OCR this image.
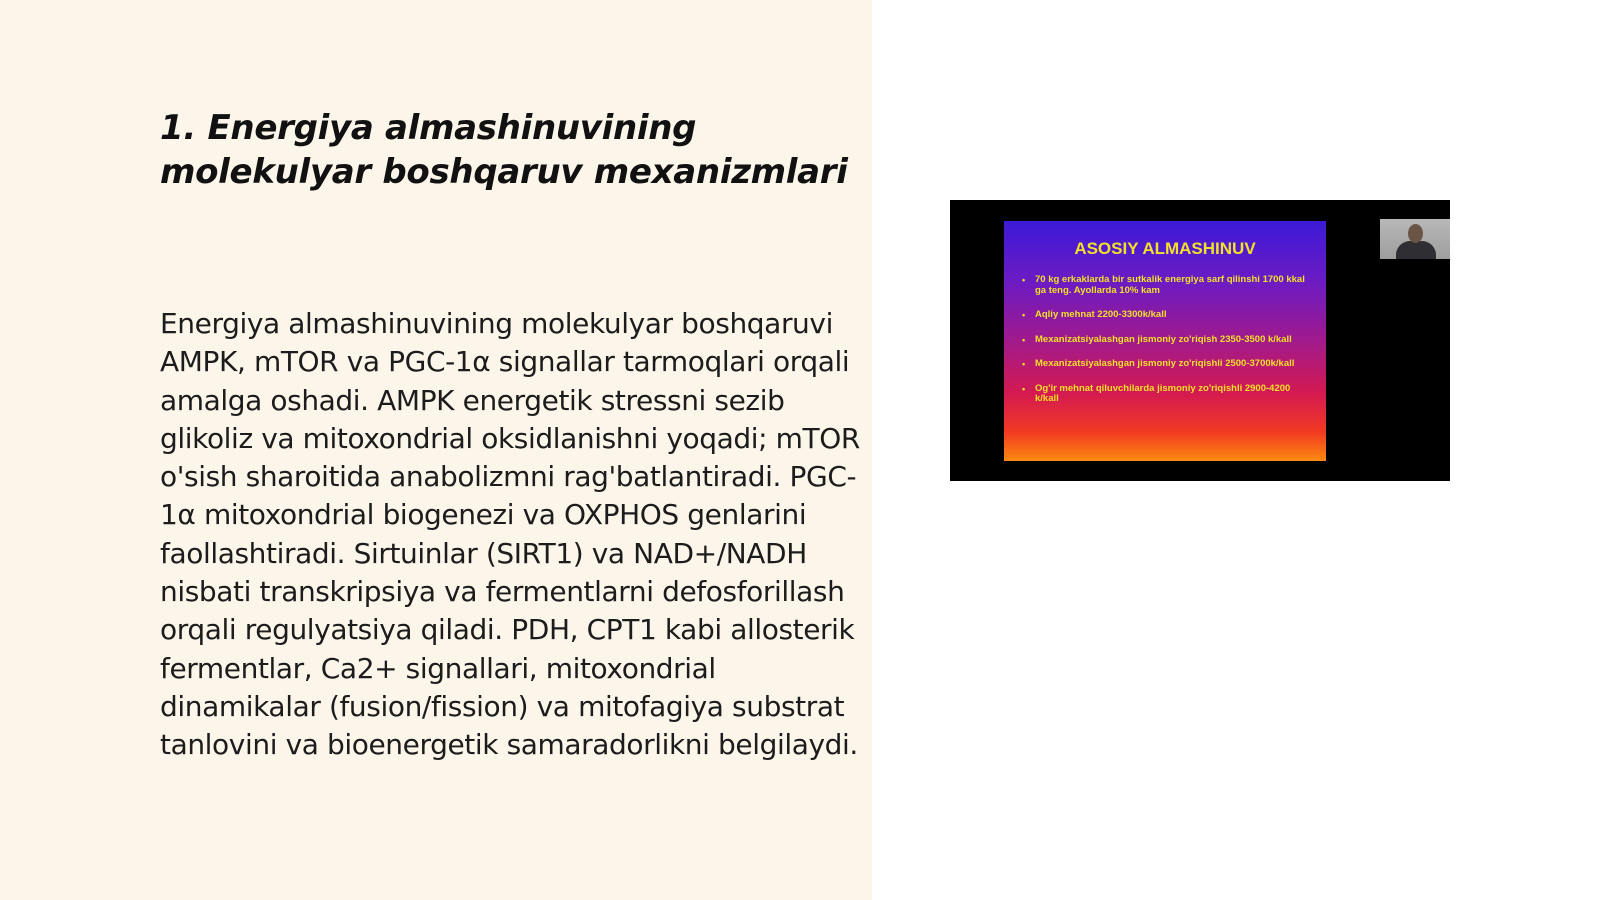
1. Energiya almashinuvining molekulyar boshqaruv mexanizmlari

Energiya almashinuvining molekulyar boshqaruvi AMPK, mTOR va PGC-1α signallar tarmoqlari orqali amalga oshadi. AMPK energetik stressni sezib glikoliz va mitoxondrial oksidlanishni yoqadi; mTOR o'sish sharoitida anabolizmni rag'batlantiradi. PGC-1α mitoxondrial biogenezi va OXPHOS genlarini faollashtiradi. Sirtuinlar (SIRT1) va NAD+/NADH nisbati transkripsiya va fermentlarni defosforillash orqali regulyatsiya qiladi. PDH, CPT1 kabi allosterik fermentlar, Ca2+ signallari, mitoxondrial dinamikalar (fusion/fission) va mitofagiya substrat tanlovini va bioenergetik samaradorlikni belgilaydi.

ASOSIY ALMASHINUV
• 70 kg erkaklarda bir sutkalik energiya sarf qilinshi 1700 kkal ga teng. Ayollarda 10% kam
• Aqliy mehnat 2200-3300k/kall
• Mexanizatsiyalashgan jismoniy zo'riqish 2350-3500 k/kall
• Mexanizatsiyalashgan jismoniy zo'riqishli 2500-3700k/kall
• Og'ir mehnat qiluvchilarda jismoniy zo'riqishli 2900-4200 k/kall
